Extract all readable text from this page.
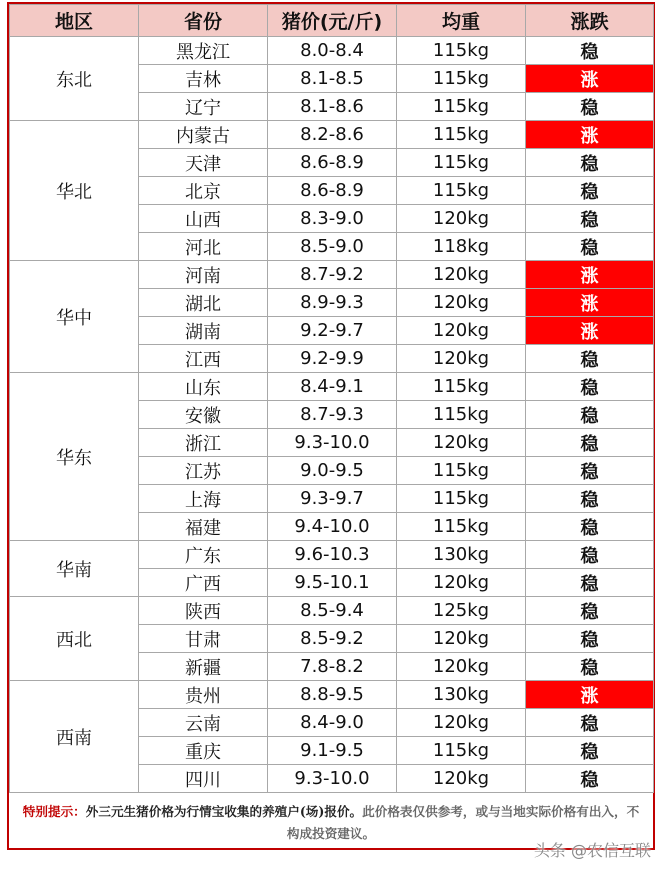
地区	省份	猪价(元/斤)	均重	涨跌
东北	黑龙江	8.0-8.4	115kg	稳
	吉林	8.1-8.5	115kg	涨
	辽宁	8.1-8.6	115kg	稳
华北	内蒙古	8.2-8.6	115kg	涨
	天津	8.6-8.9	115kg	稳
	北京	8.6-8.9	115kg	稳
	山西	8.3-9.0	120kg	稳
	河北	8.5-9.0	118kg	稳
华中	河南	8.7-9.2	120kg	涨
	湖北	8.9-9.3	120kg	涨
	湖南	9.2-9.7	120kg	涨
	江西	9.2-9.9	120kg	稳
华东	山东	8.4-9.1	115kg	稳
	安徽	8.7-9.3	115kg	稳
	浙江	9.3-10.0	120kg	稳
	江苏	9.0-9.5	115kg	稳
	上海	9.3-9.7	115kg	稳
	福建	9.4-10.0	115kg	稳
华南	广东	9.6-10.3	130kg	稳
	广西	9.5-10.1	120kg	稳
西北	陕西	8.5-9.4	125kg	稳
	甘肃	8.5-9.2	120kg	稳
	新疆	7.8-8.2	120kg	稳
西南	贵州	8.8-9.5	130kg	涨
	云南	8.4-9.0	120kg	稳
	重庆	9.1-9.5	115kg	稳
	四川	9.3-10.0	120kg	稳
特别提示：外三元生猪价格为行情宝收集的养殖户(场)报价。此价格表仅供参考，或与当地实际价格有出入，不构成投资建议。
头条 @农信互联
